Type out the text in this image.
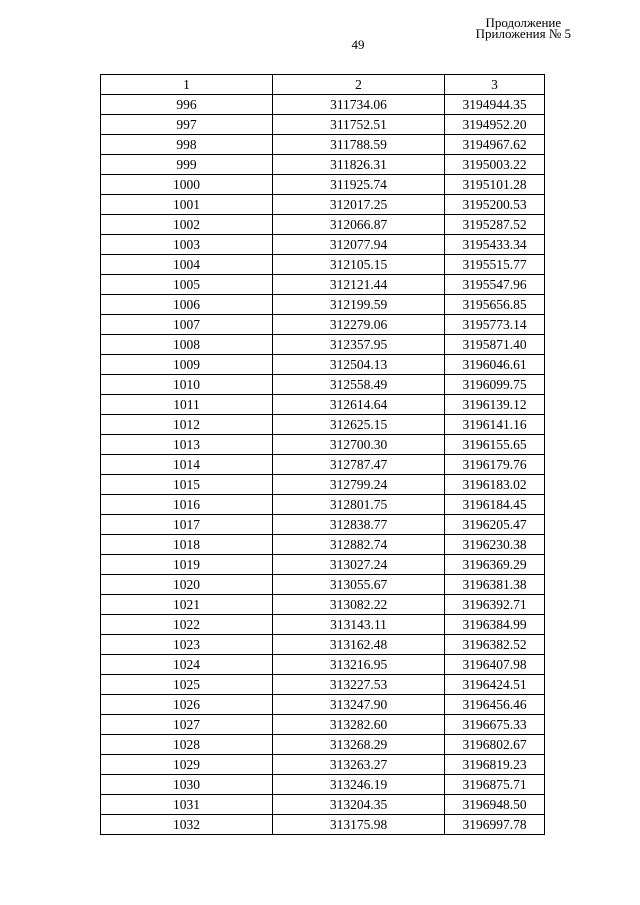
Продолжение
Приложения № 5
49
1	2	3
996	311734.06	3194944.35
997	311752.51	3194952.20
998	311788.59	3194967.62
999	311826.31	3195003.22
1000	311925.74	3195101.28
1001	312017.25	3195200.53
1002	312066.87	3195287.52
1003	312077.94	3195433.34
1004	312105.15	3195515.77
1005	312121.44	3195547.96
1006	312199.59	3195656.85
1007	312279.06	3195773.14
1008	312357.95	3195871.40
1009	312504.13	3196046.61
1010	312558.49	3196099.75
1011	312614.64	3196139.12
1012	312625.15	3196141.16
1013	312700.30	3196155.65
1014	312787.47	3196179.76
1015	312799.24	3196183.02
1016	312801.75	3196184.45
1017	312838.77	3196205.47
1018	312882.74	3196230.38
1019	313027.24	3196369.29
1020	313055.67	3196381.38
1021	313082.22	3196392.71
1022	313143.11	3196384.99
1023	313162.48	3196382.52
1024	313216.95	3196407.98
1025	313227.53	3196424.51
1026	313247.90	3196456.46
1027	313282.60	3196675.33
1028	313268.29	3196802.67
1029	313263.27	3196819.23
1030	313246.19	3196875.71
1031	313204.35	3196948.50
1032	313175.98	3196997.78
